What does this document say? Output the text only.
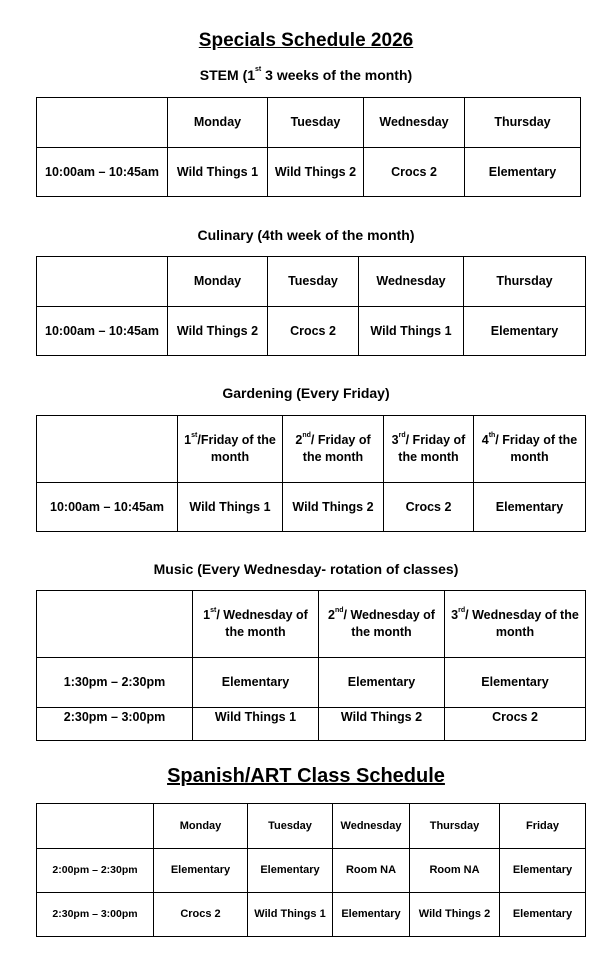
Specials Schedule 2026
STEM (1st 3 weeks of the month)
	Monday	Tuesday	Wednesday	Thursday
10:00am – 10:45am	Wild Things 1	Wild Things 2	Crocs 2	Elementary
Culinary (4th week of the month)
	Monday	Tuesday	Wednesday	Thursday
10:00am – 10:45am	Wild Things 2	Crocs 2	Wild Things 1	Elementary
Gardening (Every Friday)
	1st/Friday of the month	2nd/ Friday of the month	3rd/ Friday of the month	4th/ Friday of the month
10:00am – 10:45am	Wild Things 1	Wild Things 2	Crocs 2	Elementary
Music (Every Wednesday- rotation of classes)
	1st/ Wednesday of the month	2nd/ Wednesday of the month	3rd/ Wednesday of the month
1:30pm – 2:30pm	Elementary	Elementary	Elementary
2:30pm – 3:00pm	Wild Things 1	Wild Things 2	Crocs 2
Spanish/ART Class Schedule
	Monday	Tuesday	Wednesday	Thursday	Friday
2:00pm – 2:30pm	Elementary	Elementary	Room NA	Room NA	Elementary
2:30pm – 3:00pm	Crocs 2	Wild Things 1	Elementary	Wild Things 2	Elementary
